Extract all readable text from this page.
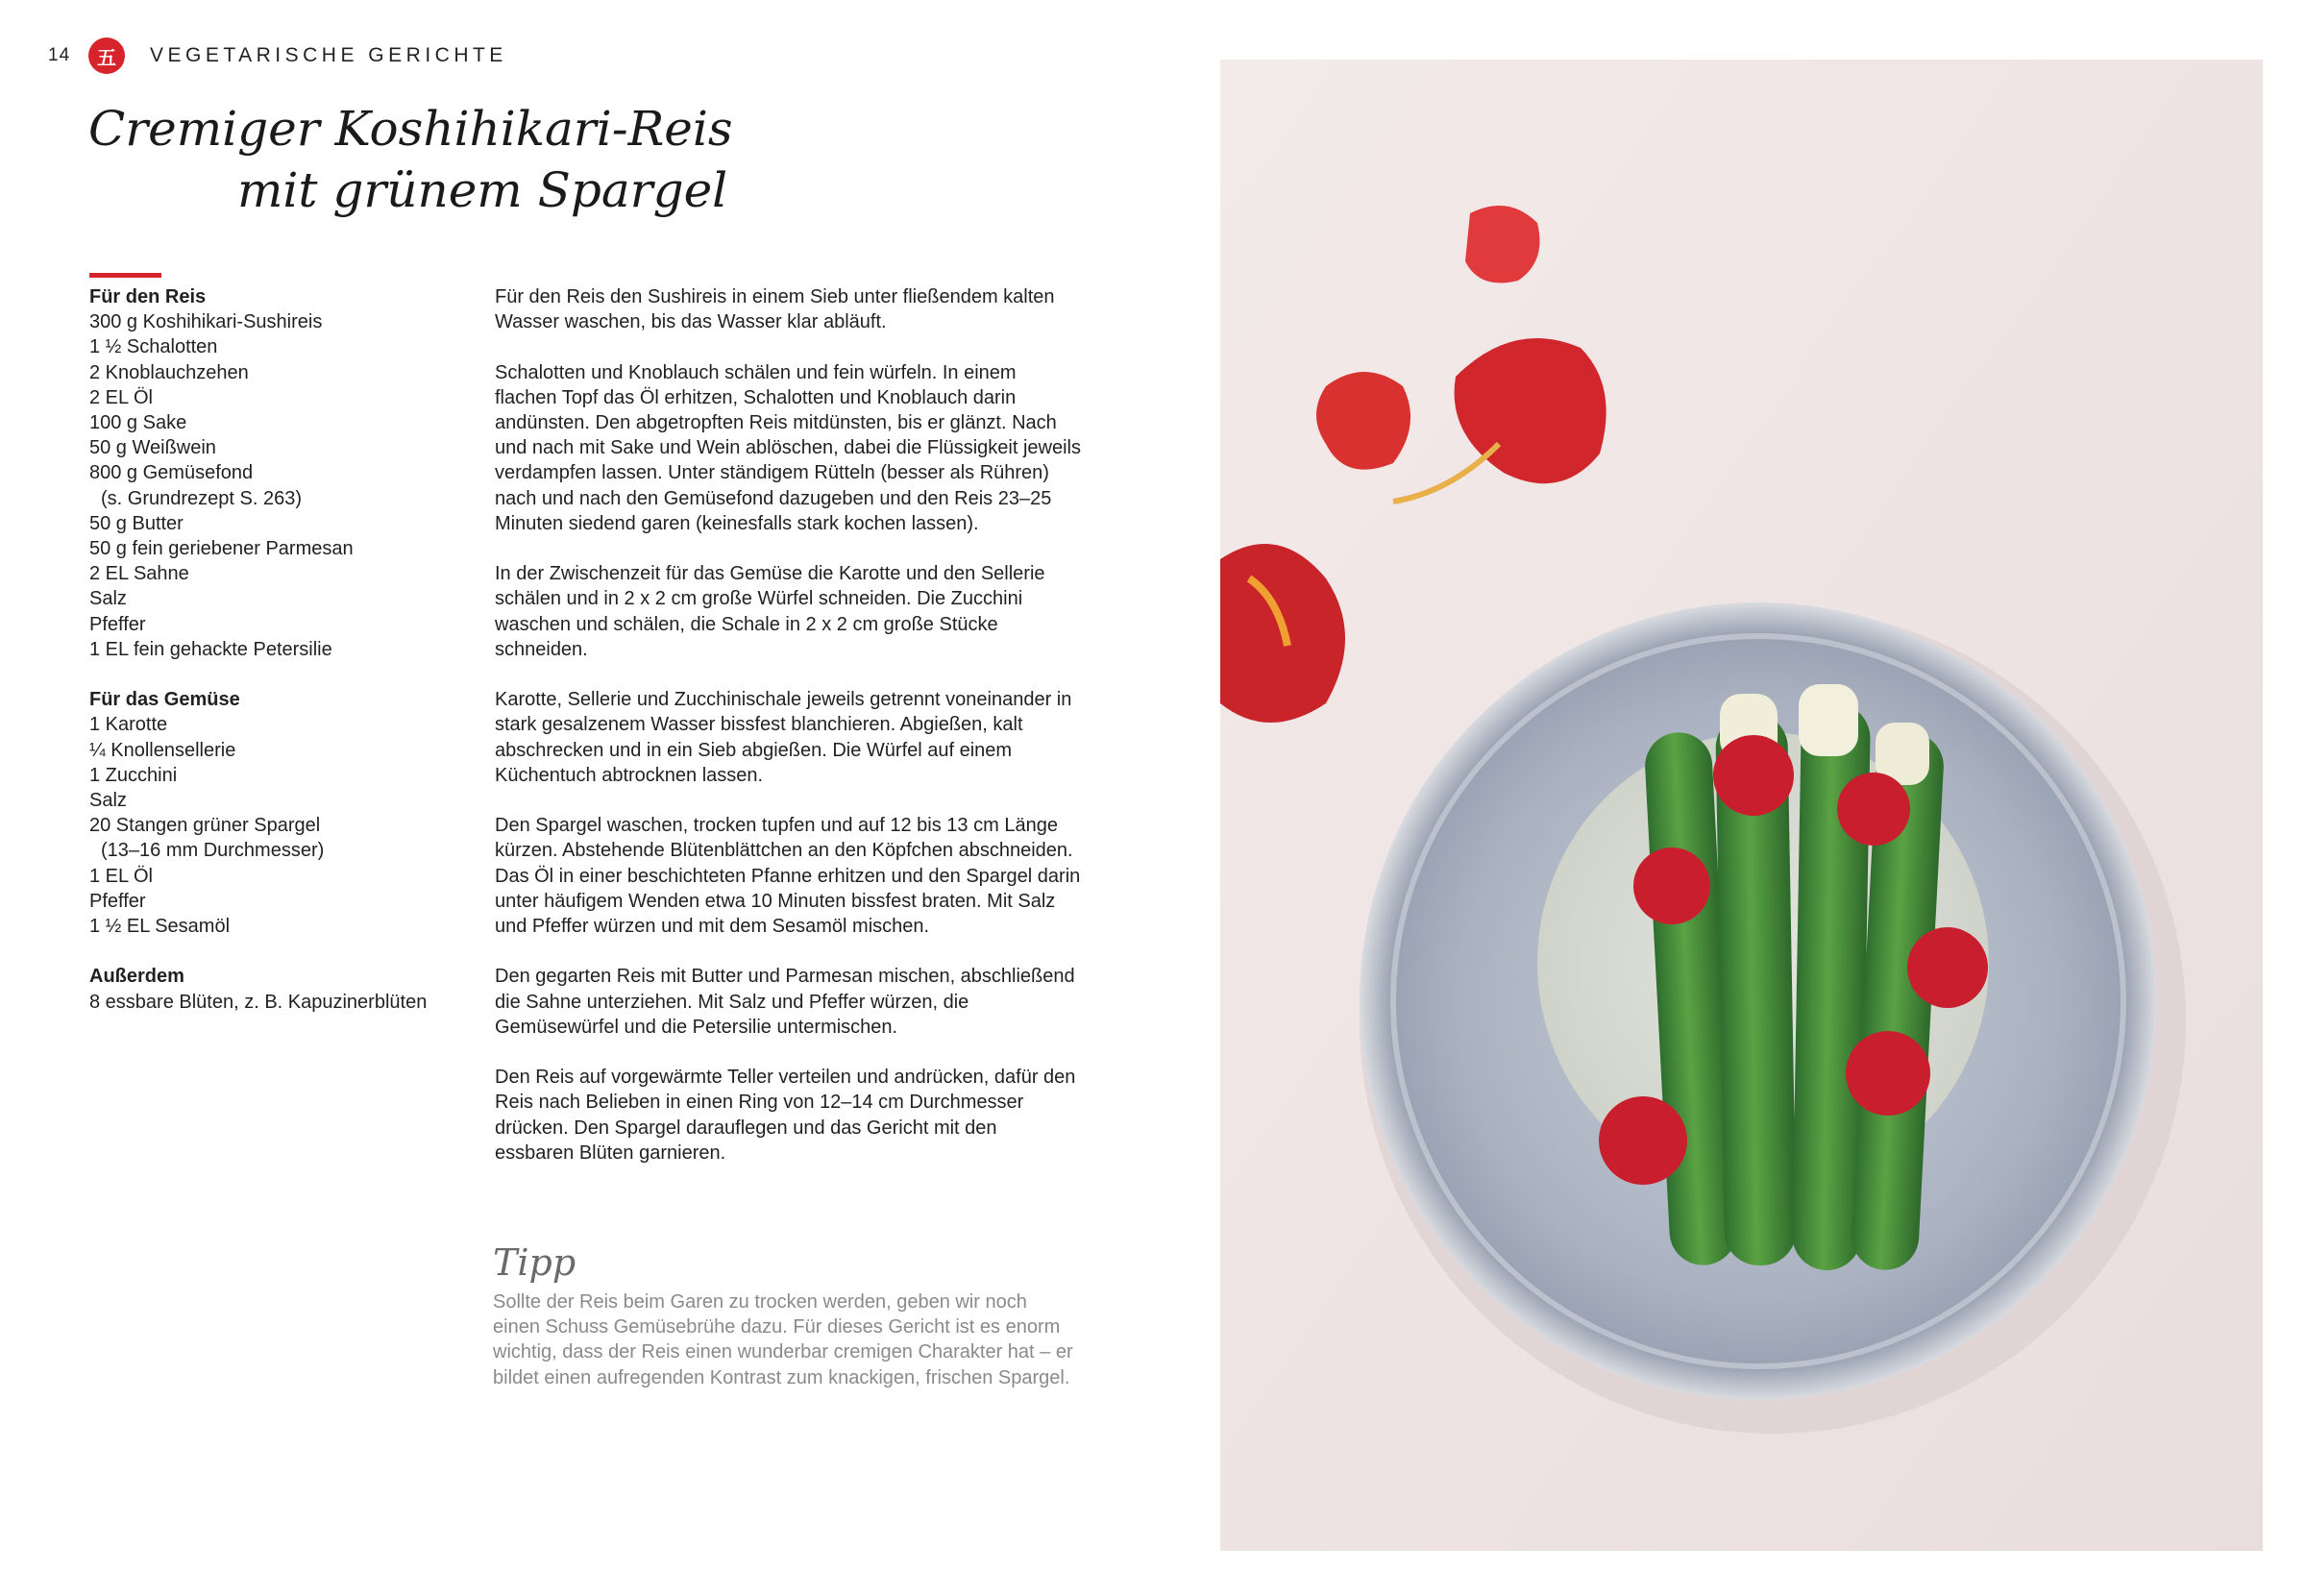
14	五	VEGETARISCHE GERICHTE
Cremiger Koshihikari-Reis
mit grünem Spargel
Für den Reis
300 g Koshihikari-Sushireis
1 ½ Schalotten
2 Knoblauchzehen
2 EL Öl
100 g Sake
50 g Weißwein
800 g Gemüsefond
(s. Grundrezept S. 263)
50 g Butter
50 g fein geriebener Parmesan
2 EL Sahne
Salz
Pfeffer
1 EL fein gehackte Petersilie
Für das Gemüse
1 Karotte
¼ Knollensellerie
1 Zucchini
Salz
20 Stangen grüner Spargel
(13–16 mm Durchmesser)
1 EL Öl
Pfeffer
1 ½ EL Sesamöl
Außerdem
8 essbare Blüten, z. B. Kapuzinerblüten

Für den Reis den Sushireis in einem Sieb unter fließendem kalten Wasser waschen, bis das Wasser klar abläuft.

Schalotten und Knoblauch schälen und fein würfeln. In einem flachen Topf das Öl erhitzen, Schalotten und Knoblauch darin andünsten. Den abgetropften Reis mitdünsten, bis er glänzt. Nach und nach mit Sake und Wein ablöschen, dabei die Flüssigkeit jeweils verdampfen lassen. Unter ständigem Rütteln (besser als Rühren) nach und nach den Gemüsefond dazugeben und den Reis 23–25 Minuten siedend garen (keinesfalls stark kochen lassen).

In der Zwischenzeit für das Gemüse die Karotte und den Sellerie schälen und in 2 x 2 cm große Würfel schneiden. Die Zucchini waschen und schälen, die Schale in 2 x 2 cm große Stücke schneiden.

Karotte, Sellerie und Zucchinischale jeweils getrennt voneinander in stark gesalzenem Wasser bissfest blanchieren. Abgießen, kalt abschrecken und in ein Sieb abgießen. Die Würfel auf einem Küchentuch abtrocknen lassen.

Den Spargel waschen, trocken tupfen und auf 12 bis 13 cm Länge kürzen. Abstehende Blütenblättchen an den Köpfchen abschneiden. Das Öl in einer beschichteten Pfanne erhitzen und den Spargel darin unter häufigem Wenden etwa 10 Minuten bissfest braten. Mit Salz und Pfeffer würzen und mit dem Sesamöl mischen.

Den gegarten Reis mit Butter und Parmesan mischen, abschließend die Sahne unterziehen. Mit Salz und Pfeffer würzen, die Gemüsewürfel und die Petersilie untermischen.

Den Reis auf vorgewärmte Teller verteilen und andrücken, dafür den Reis nach Belieben in einen Ring von 12–14 cm Durchmesser drücken. Den Spargel darauflegen und das Gericht mit den essbaren Blüten garnieren.

Tipp
Sollte der Reis beim Garen zu trocken werden, geben wir noch einen Schuss Gemüsebrühe dazu. Für dieses Gericht ist es enorm wichtig, dass der Reis einen wunderbar cremigen Charakter hat – er bildet einen aufregenden Kontrast zum knackigen, frischen Spargel.
